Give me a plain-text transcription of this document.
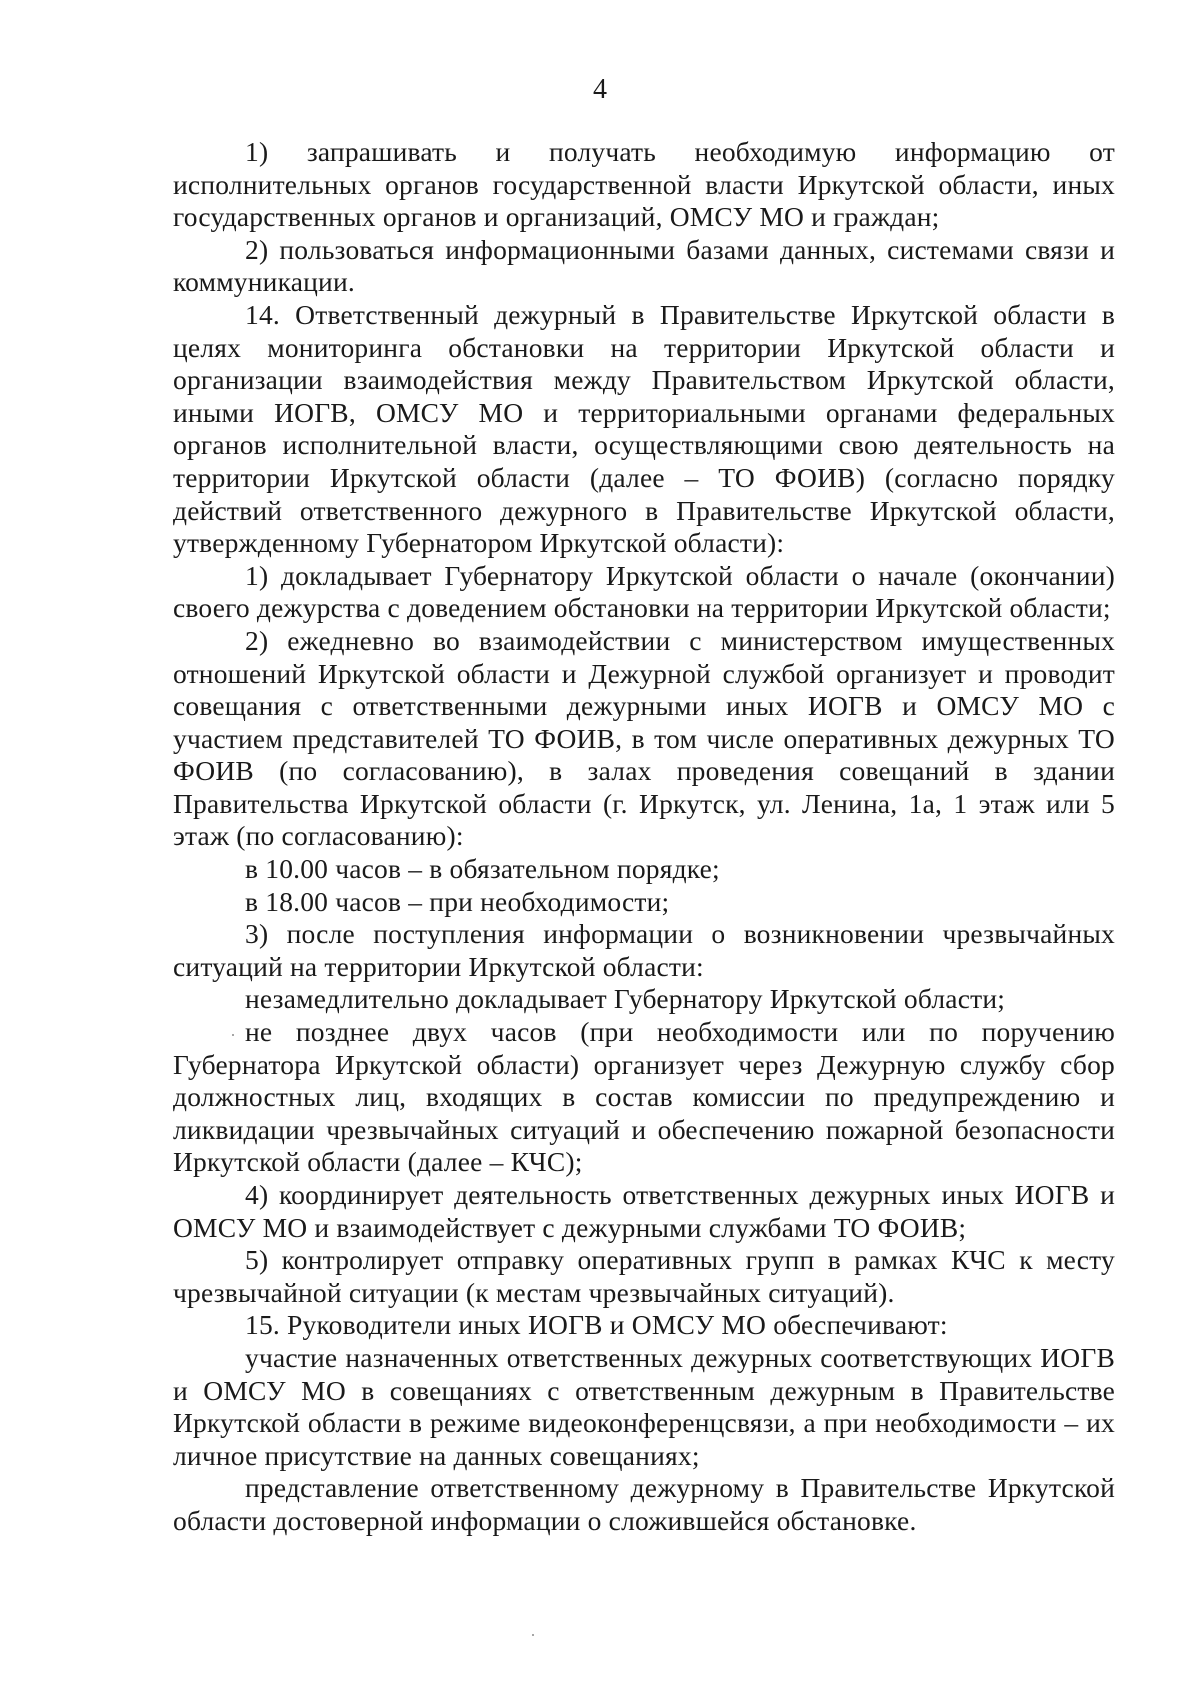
4

1) запрашивать и получать необходимую информацию от исполнительных органов государственной власти Иркутской области, иных государственных органов и организаций, ОМСУ МО и граждан;

2) пользоваться информационными базами данных, системами связи и коммуникации.

14. Ответственный дежурный в Правительстве Иркутской области в целях мониторинга обстановки на территории Иркутской области и организации взаимодействия между Правительством Иркутской области, иными ИОГВ, ОМСУ МО и территориальными органами федеральных органов исполнительной власти, осуществляющими свою деятельность на территории Иркутской области (далее – ТО ФОИВ) (согласно порядку действий ответственного дежурного в Правительстве Иркутской области, утвержденному Губернатором Иркутской области):

1) докладывает Губернатору Иркутской области о начале (окончании) своего дежурства с доведением обстановки на территории Иркутской области;

2) ежедневно во взаимодействии с министерством имущественных отношений Иркутской области и Дежурной службой организует и проводит совещания с ответственными дежурными иных ИОГВ и ОМСУ МО с участием представителей ТО ФОИВ, в том числе оперативных дежурных ТО ФОИВ (по согласованию), в залах проведения совещаний в здании Правительства Иркутской области (г. Иркутск, ул. Ленина, 1а, 1 этаж или 5 этаж (по согласованию):

в 10.00 часов – в обязательном порядке;

в 18.00 часов – при необходимости;

3) после поступления информации о возникновении чрезвычайных ситуаций на территории Иркутской области:

незамедлительно докладывает Губернатору Иркутской области;

не позднее двух часов (при необходимости или по поручению Губернатора Иркутской области) организует через Дежурную службу сбор должностных лиц, входящих в состав комиссии по предупреждению и ликвидации чрезвычайных ситуаций и обеспечению пожарной безопасности Иркутской области (далее – КЧС);

4) координирует деятельность ответственных дежурных иных ИОГВ и ОМСУ МО и взаимодействует с дежурными службами ТО ФОИВ;

5) контролирует отправку оперативных групп в рамках КЧС к месту чрезвычайной ситуации (к местам чрезвычайных ситуаций).

15. Руководители иных ИОГВ и ОМСУ МО обеспечивают:

участие назначенных ответственных дежурных соответствующих ИОГВ и ОМСУ МО в совещаниях с ответственным дежурным в Правительстве Иркутской области в режиме видеоконференцсвязи, а при необходимости – их личное присутствие на данных совещаниях;

представление ответственному дежурному в Правительстве Иркутской области достоверной информации о сложившейся обстановке.
